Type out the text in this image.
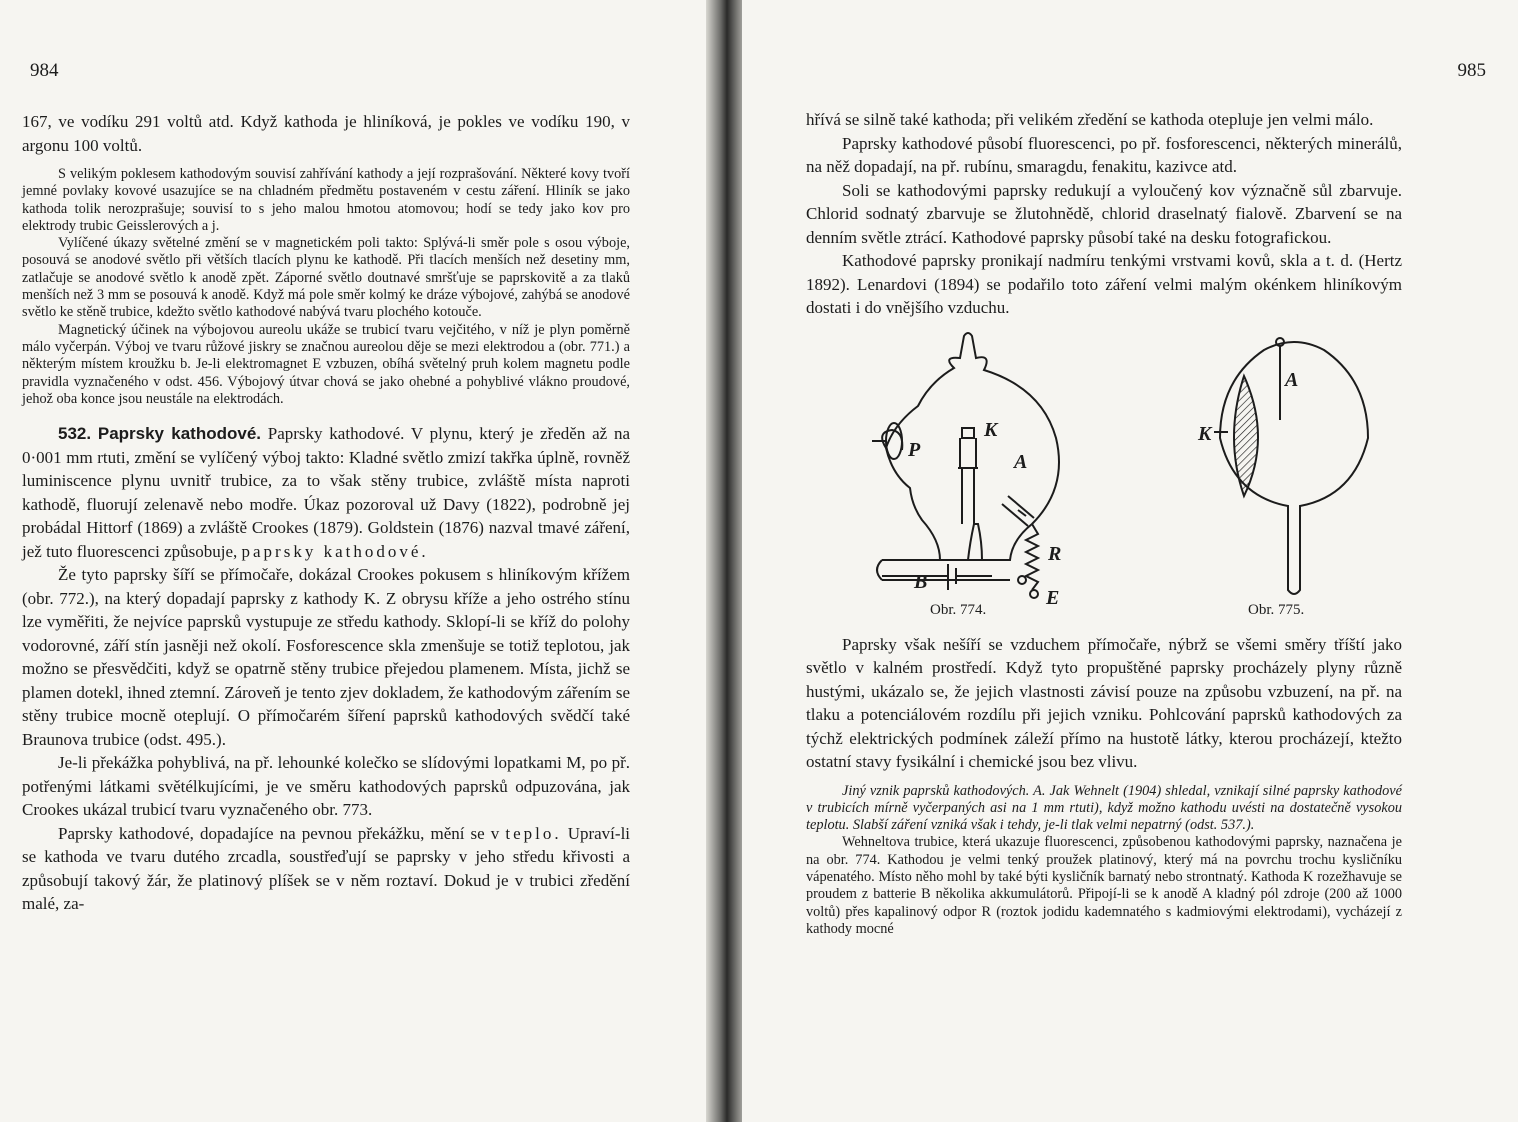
984

167, ve vodíku 291 voltů atd. Když kathoda je hliníková, je pokles ve vodíku 190, v argonu 100 voltů.

S velikým poklesem kathodovým souvisí zahřívání kathody a její rozprašování. Některé kovy tvoří jemné povlaky kovové usazujíce se na chladném předmětu postaveném v cestu záření. Hliník se jako kathoda tolik nerozprašuje; souvisí to s jeho malou hmotou atomovou; hodí se tedy jako kov pro elektrody trubic Geisslerových a j.

Vylíčené úkazy světelné změní se v magnetickém poli takto: Splývá-li směr pole s osou výboje, posouvá se anodové světlo při větších tlacích plynu ke kathodě. Při tlacích menších než desetiny mm, zatlačuje se anodové světlo k anodě zpět. Záporné světlo doutnavé smršťuje se paprskovitě a za tlaků menších než 3 mm se posouvá k anodě. Když má pole směr kolmý ke dráze výbojové, zahýbá se anodové světlo ke stěně trubice, kdežto světlo kathodové nabývá tvaru plochého kotouče.

Magnetický účinek na výbojovou aureolu ukáže se trubicí tvaru vejčitého, v níž je plyn poměrně málo vyčerpán. Výboj ve tvaru růžové jiskry se značnou aureolou děje se mezi elektrodou a (obr. 771.) a některým místem kroužku b. Je-li elektromagnet E vzbuzen, obíhá světelný pruh kolem magnetu podle pravidla vyznačeného v odst. 456. Výbojový útvar chová se jako ohebné a pohyblivé vlákno proudové, jehož oba konce jsou neustále na elektrodách.

532. Paprsky kathodové. Paprsky kathodové. V plynu, který je zředěn až na 0·001 mm rtuti, změní se vylíčený výboj takto: Kladné světlo zmizí takřka úplně, rovněž luminiscence plynu uvnitř trubice, za to však stěny trubice, zvláště místa naproti kathodě, fluorují zelenavě nebo modře. Úkaz pozoroval už Davy (1822), podrobně jej probádal Hittorf (1869) a zvláště Crookes (1879). Goldstein (1876) nazval tmavé záření, jež tuto fluorescenci způsobuje, paprsky kathodové.

Že tyto paprsky šíří se přímočaře, dokázal Crookes pokusem s hliníkovým křížem (obr. 772.), na který dopadají paprsky z kathody K. Z obrysu kříže a jeho ostrého stínu lze vyměřiti, že nejvíce paprsků vystupuje ze středu kathody. Sklopí-li se kříž do polohy vodorovné, září stín jasněji než okolí. Fosforescence skla zmenšuje se totiž teplotou, jak možno se přesvědčiti, když se opatrně stěny trubice přejedou plamenem. Místa, jichž se plamen dotekl, ihned ztemní. Zároveň je tento zjev dokladem, že kathodovým zářením se stěny trubice mocně oteplují. O přímočarém šíření paprsků kathodových svědčí také Braunova trubice (odst. 495.).

Je-li překážka pohyblivá, na př. lehounké kolečko se slídovými lopatkami M, po př. potřenými látkami světélkujícími, je ve směru kathodových paprsků odpuzována, jak Crookes ukázal trubicí tvaru vyznačeného obr. 773.

Paprsky kathodové, dopadajíce na pevnou překážku, mění se v teplo. Upraví-li se kathoda ve tvaru dutého zrcadla, soustřeďují se paprsky v jeho středu křivosti a způsobují takový žár, že platinový plíšek se v něm roztaví. Dokud je v trubici zředění malé, za-

985

hřívá se silně také kathoda; při velikém zředění se kathoda otepluje jen velmi málo.

Paprsky kathodové působí fluorescenci, po př. fosforescenci, některých minerálů, na něž dopadají, na př. rubínu, smaragdu, fenakitu, kazivce atd.

Soli se kathodovými paprsky redukují a vyloučený kov význačně sůl zbarvuje. Chlorid sodnatý zbarvuje se žlutohnědě, chlorid draselnatý fialově. Zbarvení se na denním světle ztrácí. Kathodové paprsky působí také na desku fotografickou.

Kathodové paprsky pronikají nadmíru tenkými vrstvami kovů, skla a t. d. (Hertz 1892). Lenardovi (1894) se podařilo toto záření velmi malým okénkem hliníkovým dostati i do vnějšího vzduchu.

P
K
A
R
B
E
Obr. 774.
A
K
Obr. 775.

Paprsky však nešíří se vzduchem přímočaře, nýbrž se všemi směry tříští jako světlo v kalném prostředí. Když tyto propuštěné paprsky procházely plyny různě hustými, ukázalo se, že jejich vlastnosti závisí pouze na způsobu vzbuzení, na př. na tlaku a potenciálovém rozdílu při jejich vzniku. Pohlcování paprsků kathodových za týchž elektrických podmínek záleží přímo na hustotě látky, kterou procházejí, ktežto ostatní stavy fysikální i chemické jsou bez vlivu.

Jiný vznik paprsků kathodových. A. Jak Wehnelt (1904) shledal, vznikají silné paprsky kathodové v trubicích mírně vyčerpaných asi na 1 mm rtuti), když možno kathodu uvésti na dostatečně vysokou teplotu. Slabší záření vzniká však i tehdy, je-li tlak velmi nepatrný (odst. 537.).

Wehneltova trubice, která ukazuje fluorescenci, způsobenou kathodovými paprsky, naznačena je na obr. 774. Kathodou je velmi tenký proužek platinový, který má na povrchu trochu kysličníku vápenatého. Místo něho mohl by také býti kysličník barnatý nebo strontnatý. Kathoda K rozežhavuje se proudem z batterie B několika akkumulátorů. Připojí-li se k anodě A kladný pól zdroje (200 až 1000 voltů) přes kapalinový odpor R (roztok jodidu kademnatého s kadmiovými elektrodami), vycházejí z kathody mocné
